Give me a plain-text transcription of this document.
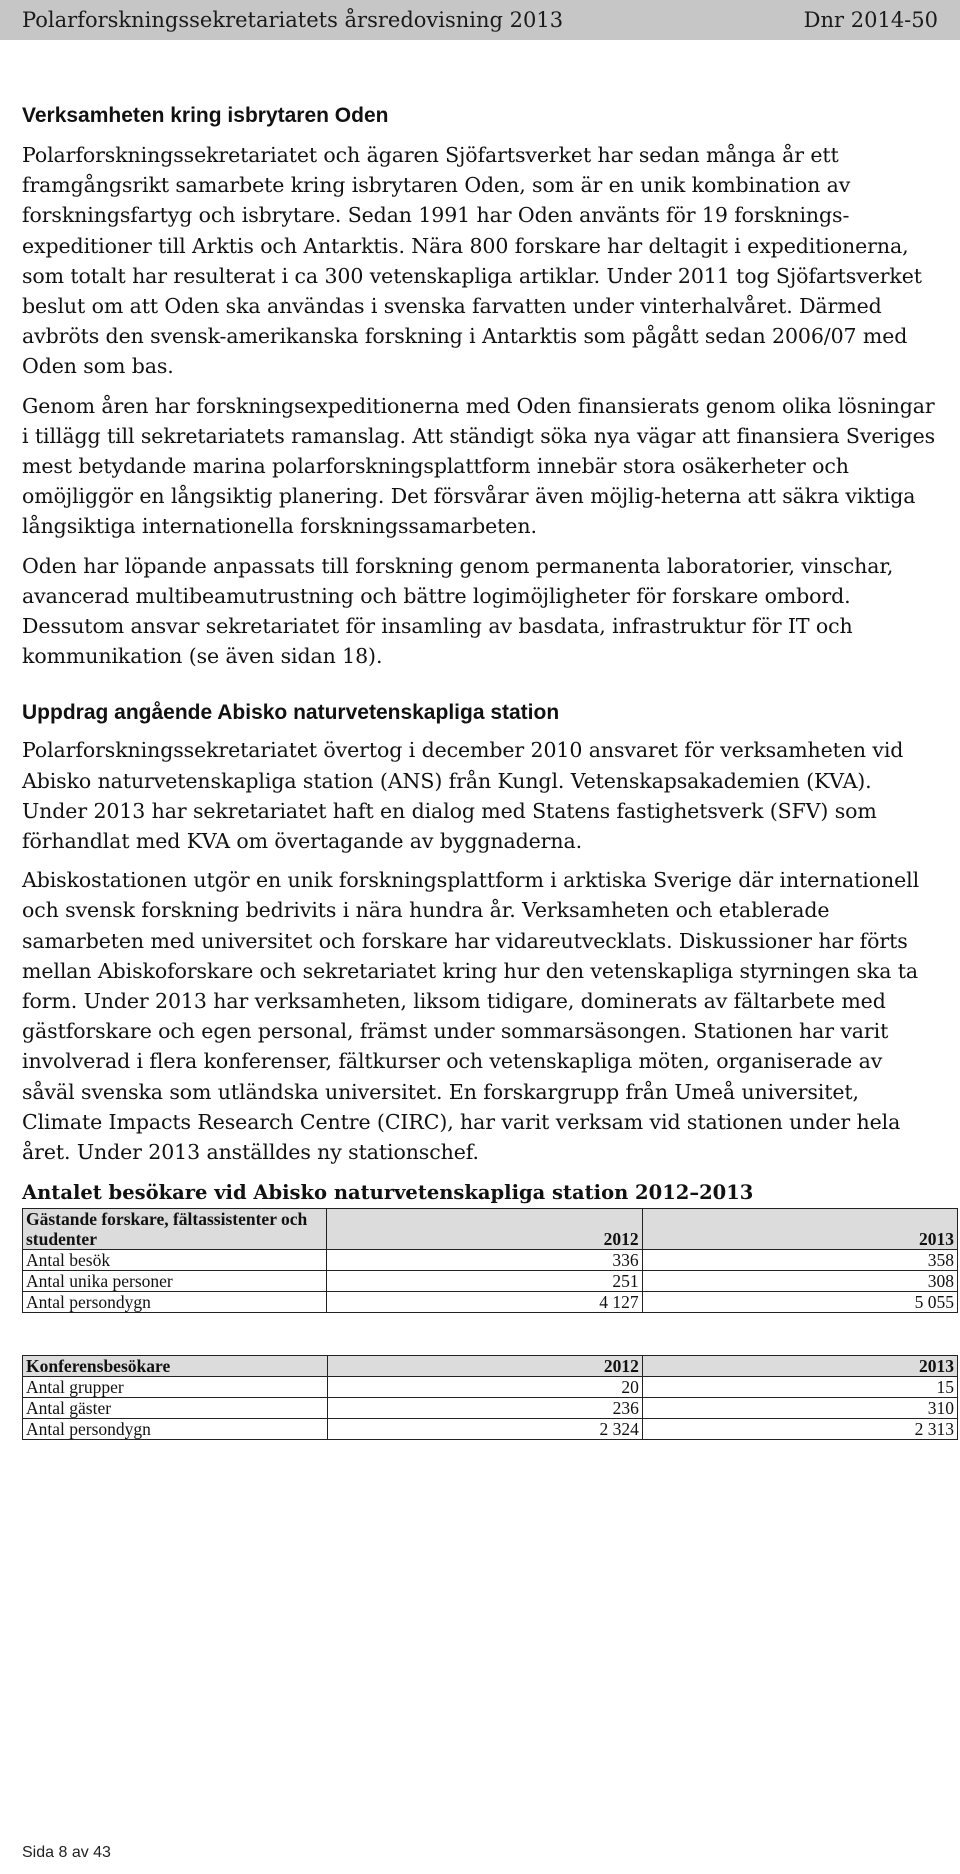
Polarforskningssekretariatets årsredovisning 2013	Dnr 2014-50
Verksamheten kring isbrytaren Oden

Polarforskningssekretariatet och ägaren Sjöfartsverket har sedan många år ett framgångsrikt samarbete kring isbrytaren Oden, som är en unik kombination av forskningsfartyg och isbrytare. Sedan 1991 har Oden använts för 19 forsknings-expeditioner till Arktis och Antarktis. Nära 800 forskare har deltagit i expeditionerna, som totalt har resulterat i ca 300 vetenskapliga artiklar. Under 2011 tog Sjöfartsverket beslut om att Oden ska användas i svenska farvatten under vinterhalvåret. Därmed avbröts den svensk-amerikanska forskning i Antarktis som pågått sedan 2006/07 med Oden som bas.

Genom åren har forskningsexpeditionerna med Oden finansierats genom olika lösningar i tillägg till sekretariatets ramanslag. Att ständigt söka nya vägar att finansiera Sveriges mest betydande marina polarforskningsplattform innebär stora osäkerheter och omöjliggör en långsiktig planering. Det försvårar även möjlig-heterna att säkra viktiga långsiktiga internationella forskningssamarbeten.

Oden har löpande anpassats till forskning genom permanenta laboratorier, vinschar, avancerad multibeamutrustning och bättre logimöjligheter för forskare ombord. Dessutom ansvar sekretariatet för insamling av basdata, infrastruktur för IT och kommunikation (se även sidan 18).

Uppdrag angående Abisko naturvetenskapliga station

Polarforskningssekretariatet övertog i december 2010 ansvaret för verksamheten vid Abisko naturvetenskapliga station (ANS) från Kungl. Vetenskapsakademien (KVA). Under 2013 har sekretariatet haft en dialog med Statens fastighetsverk (SFV) som förhandlat med KVA om övertagande av byggnaderna.

Abiskostationen utgör en unik forskningsplattform i arktiska Sverige där internationell och svensk forskning bedrivits i nära hundra år. Verksamheten och etablerade samarbeten med universitet och forskare har vidareutvecklats. Diskussioner har förts mellan Abiskoforskare och sekretariatet kring hur den vetenskapliga styrningen ska ta form. Under 2013 har verksamheten, liksom tidigare, dominerats av fältarbete med gästforskare och egen personal, främst under sommarsäsongen. Stationen har varit involverad i flera konferenser, fältkurser och vetenskapliga möten, organiserade av såväl svenska som utländska universitet. En forskargrupp från Umeå universitet, Climate Impacts Research Centre (CIRC), har varit verksam vid stationen under hela året. Under 2013 anställdes ny stationschef.

Antalet besökare vid Abisko naturvetenskapliga station 2012–2013
Gästande forskare, fältassistenter och studenter	2012	2013
Antal besök	336	358
Antal unika personer	251	308
Antal persondygn	4 127	5 055
Konferensbesökare	2012	2013
Antal grupper	20	15
Antal gäster	236	310
Antal persondygn	2 324	2 313
Sida 8 av 43
